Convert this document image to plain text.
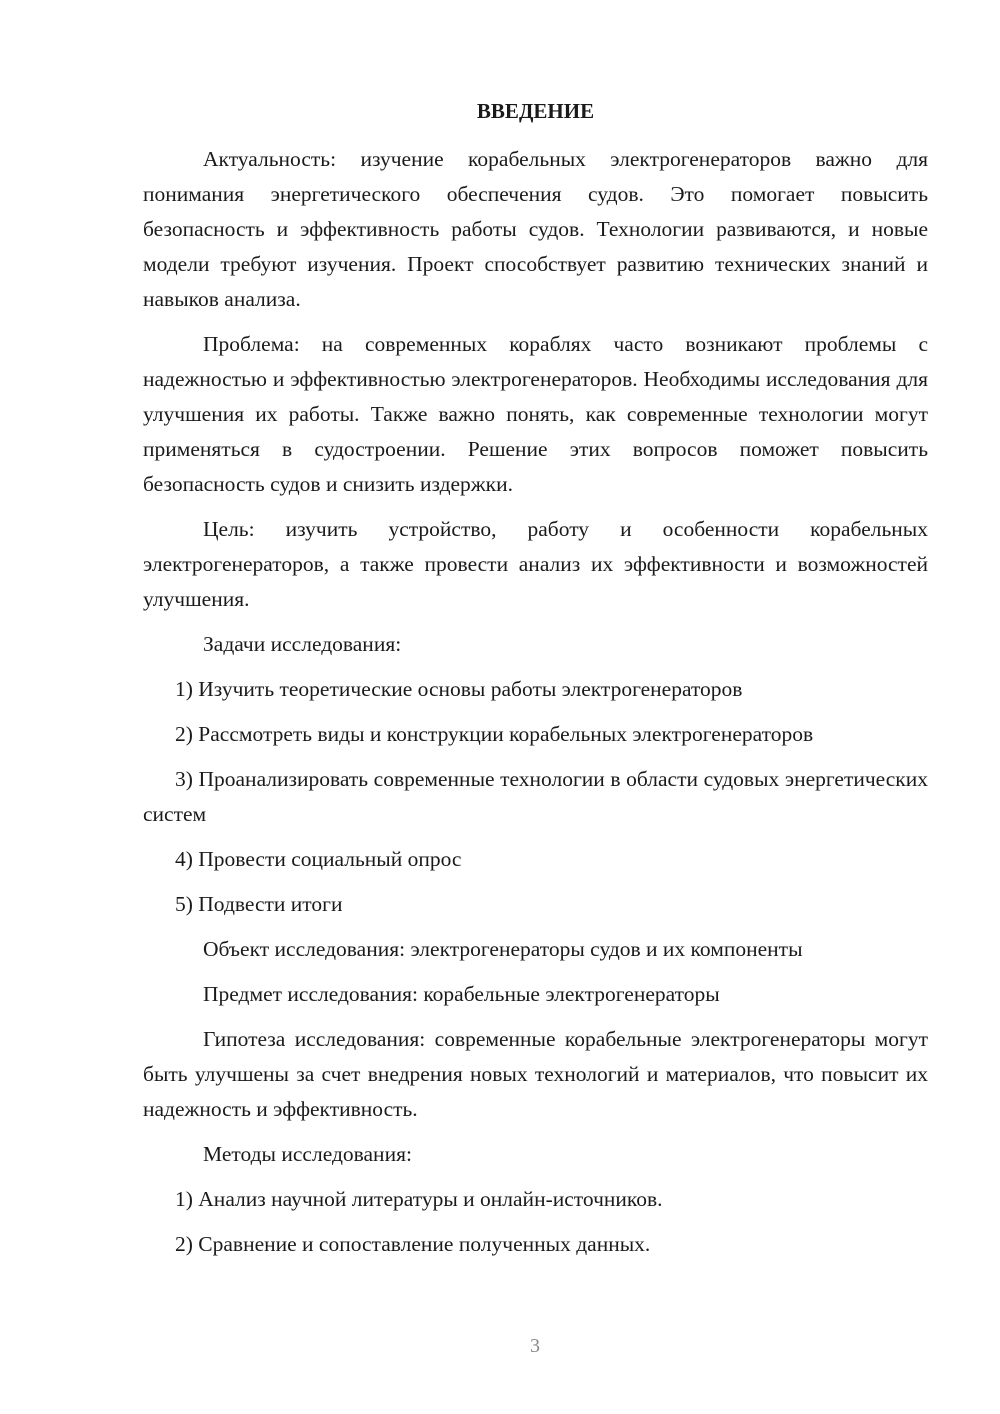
ВВЕДЕНИЕ

Актуальность: изучение корабельных электрогенераторов важно для понимания энергетического обеспечения судов. Это помогает повысить безопасность и эффективность работы судов. Технологии развиваются, и новые модели требуют изучения. Проект способствует развитию технических знаний и навыков анализа.

Проблема: на современных кораблях часто возникают проблемы с надежностью и эффективностью электрогенераторов. Необходимы исследования для улучшения их работы. Также важно понять, как современные технологии могут применяться в судостроении. Решение этих вопросов поможет повысить безопасность судов и снизить издержки.

Цель: изучить устройство, работу и особенности корабельных электрогенераторов, а также провести анализ их эффективности и возможностей улучшения.

Задачи исследования:

1) Изучить теоретические основы работы электрогенераторов

2) Рассмотреть виды и конструкции корабельных электрогенераторов

3) Проанализировать современные технологии в области судовых энергетических систем

4) Провести социальный опрос

5) Подвести итоги

Объект исследования: электрогенераторы судов и их компоненты

Предмет исследования: корабельные электрогенераторы

Гипотеза исследования: современные корабельные электрогенераторы могут быть улучшены за счет внедрения новых технологий и материалов, что повысит их надежность и эффективность.

Методы исследования:

1) Анализ научной литературы и онлайн-источников.

2) Сравнение и сопоставление полученных данных.

3
